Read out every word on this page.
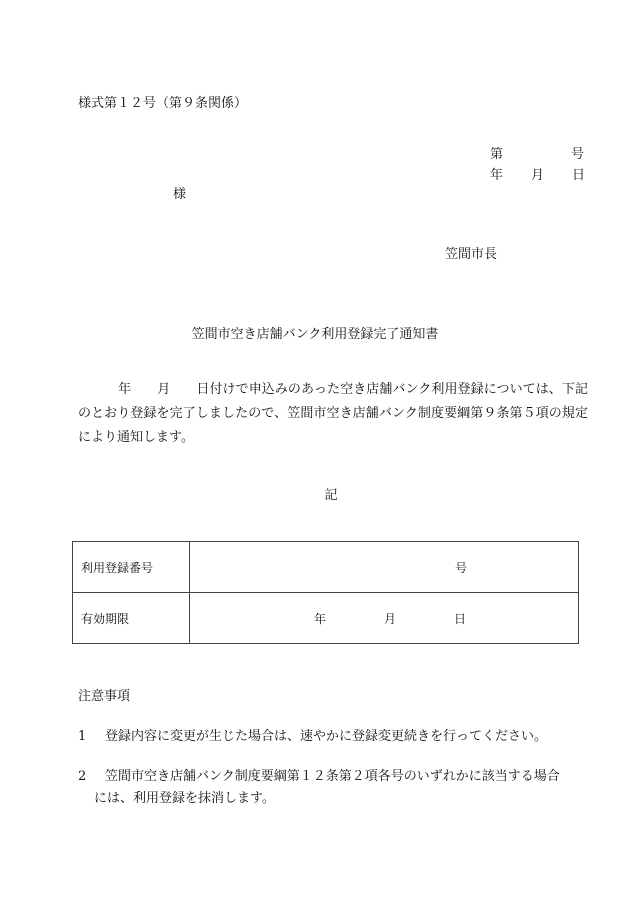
様式第１２号（第９条関係）
第	号
年 月 日
様
笠間市長
笠間市空き店舗バンク利用登録完了通知書
年 月 日付けで申込みのあった空き店舗バンク利用登録については、下記のとおり登録を完了しましたので、笠間市空き店舗バンク制度要綱第９条第５項の規定により通知します。
記
利用登録番号	号

有効期限	年 月 日
注意事項
1 登録内容に変更が生じた場合は、速やかに登録変更続きを行ってください。
2 笠間市空き店舗バンク制度要綱第１２条第２項各号のいずれかに該当する場合
には、利用登録を抹消します。
